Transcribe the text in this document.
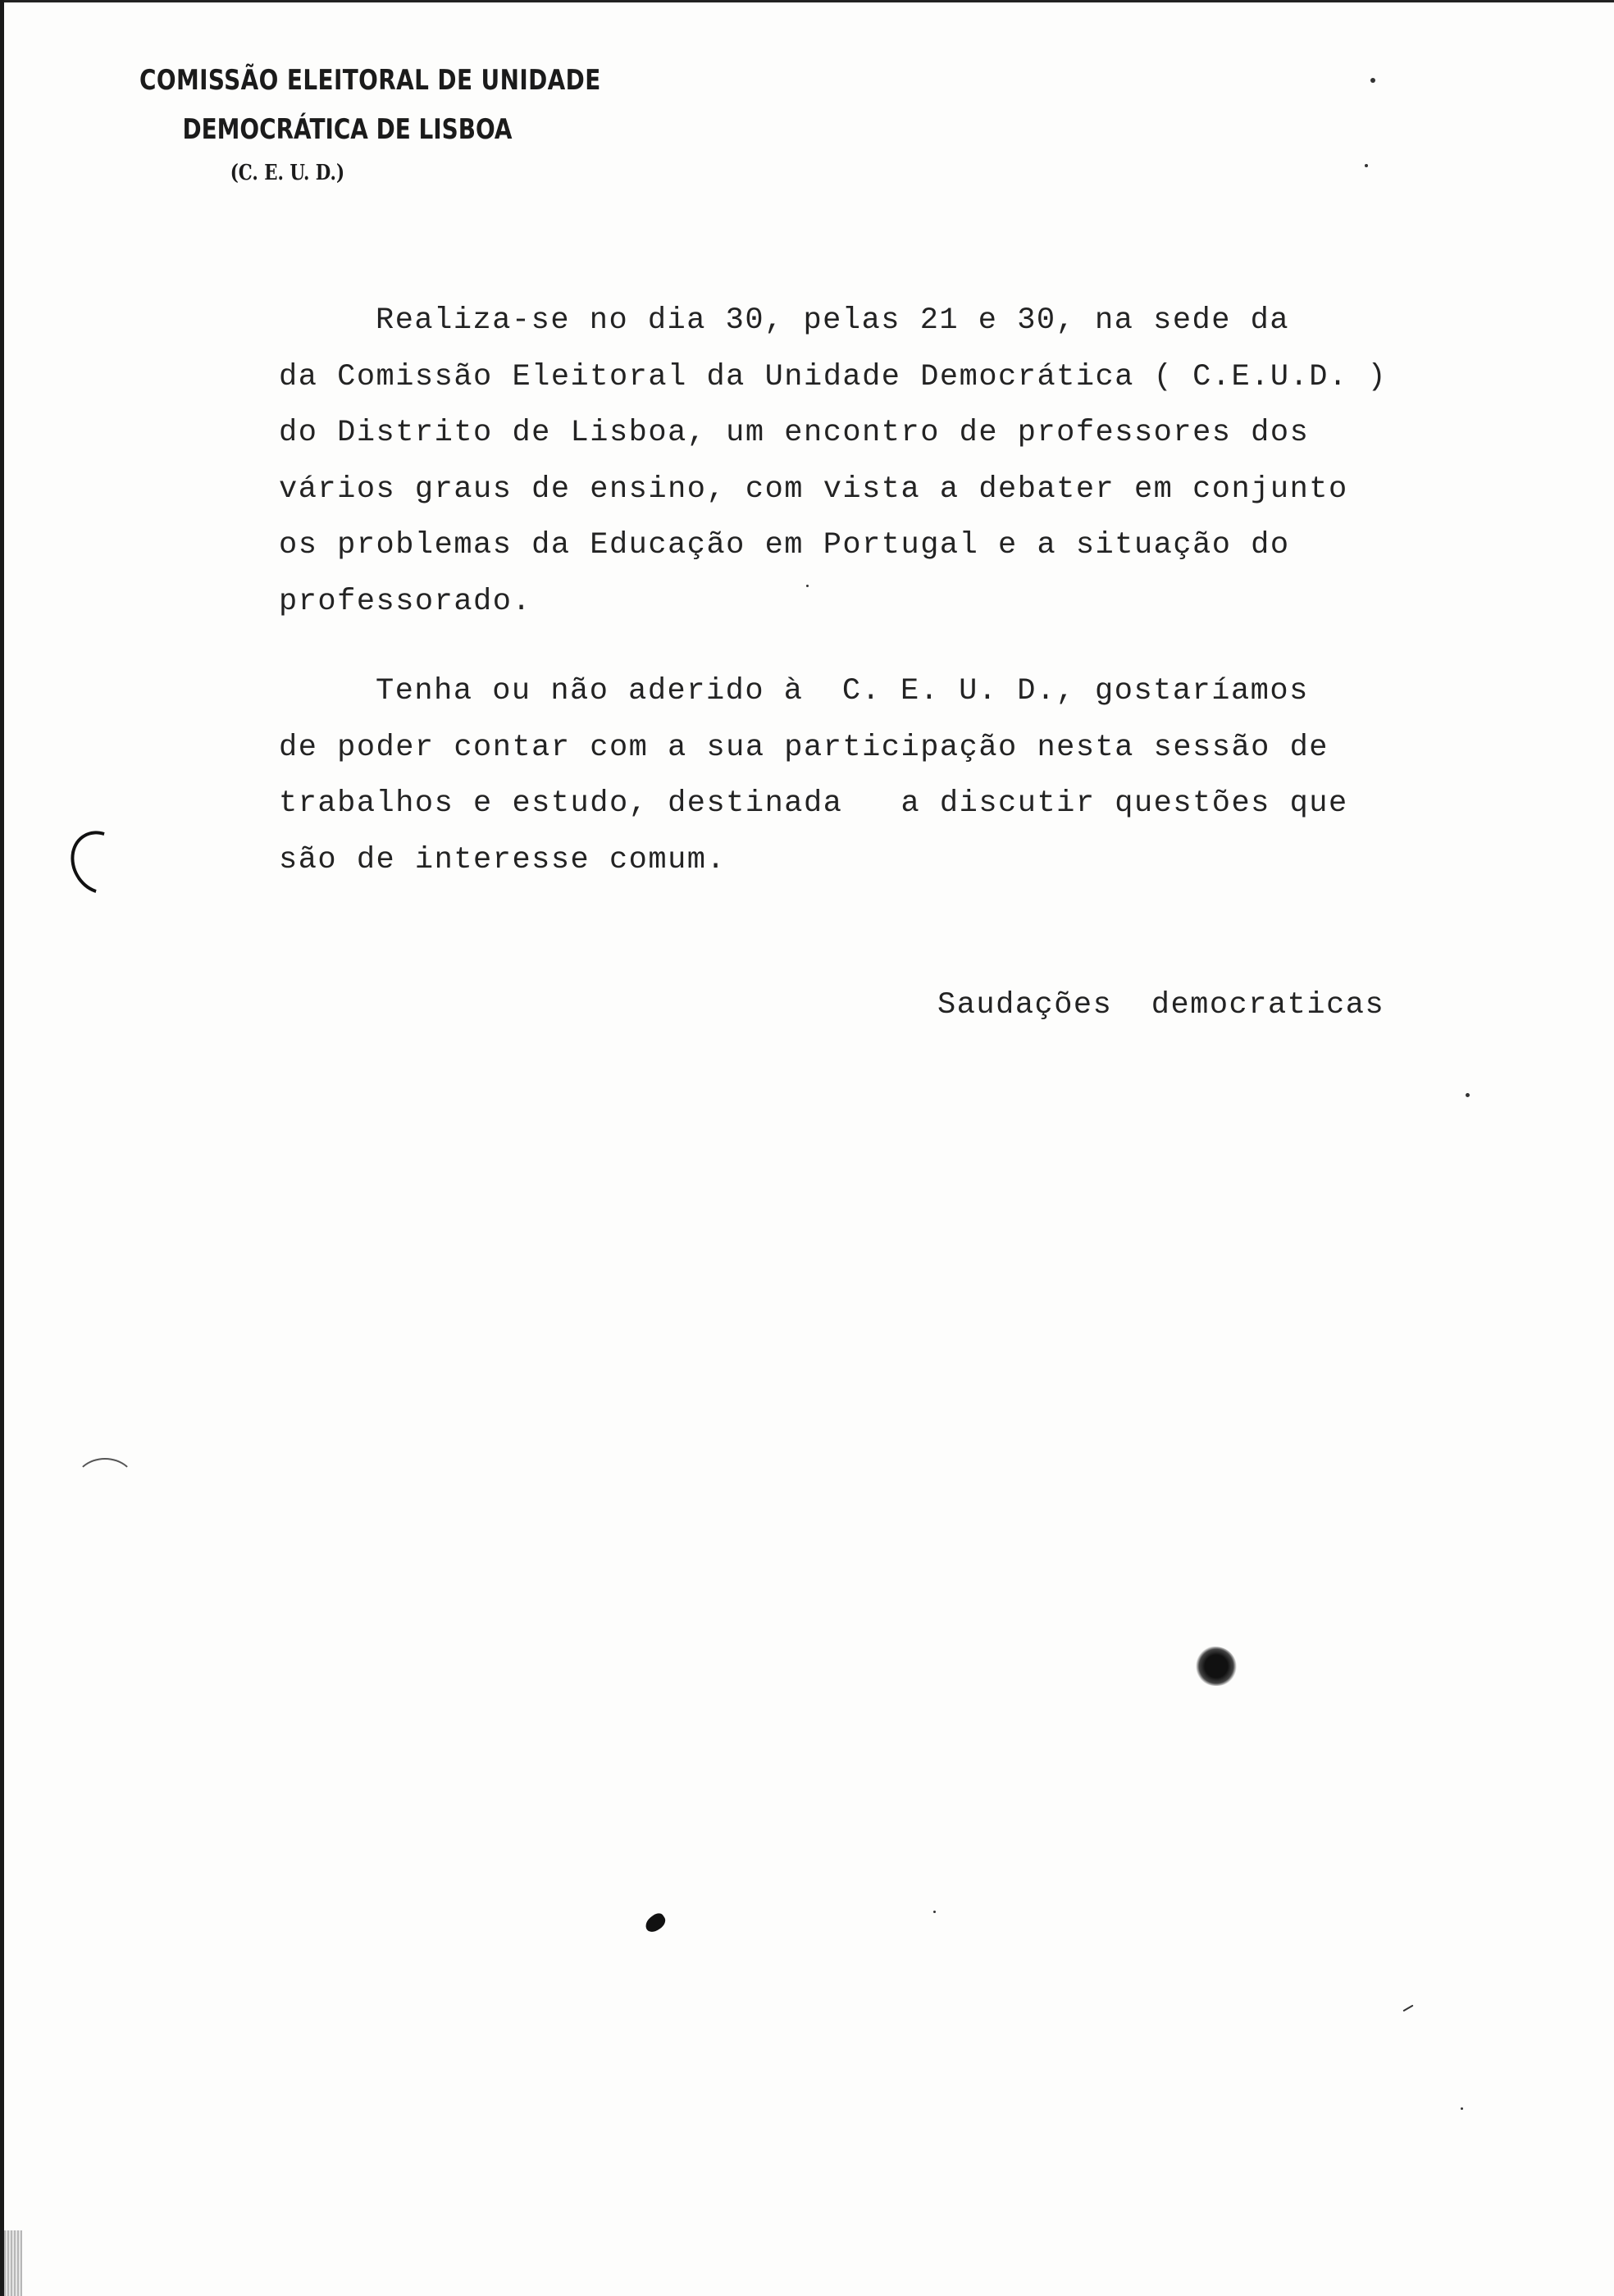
COMISSÃO ELEITORAL DE UNIDADE
DEMOCRÁTICA DE LISBOA
(C. E. U. D.)
Realiza-se no dia 30, pelas 21 e 30, na sede da
da Comissão Eleitoral da Unidade Democrática ( C.E.U.D. )
do Distrito de Lisboa, um encontro de professores dos
vários graus de ensino, com vista a debater em conjunto
os problemas da Educação em Portugal e a situação do
professorado.
Tenha ou não aderido à  C. E. U. D., gostaríamos
de poder contar com a sua participação nesta sessão de
trabalhos e estudo, destinada   a discutir questões que
são de interesse comum.
Saudações  democraticas
